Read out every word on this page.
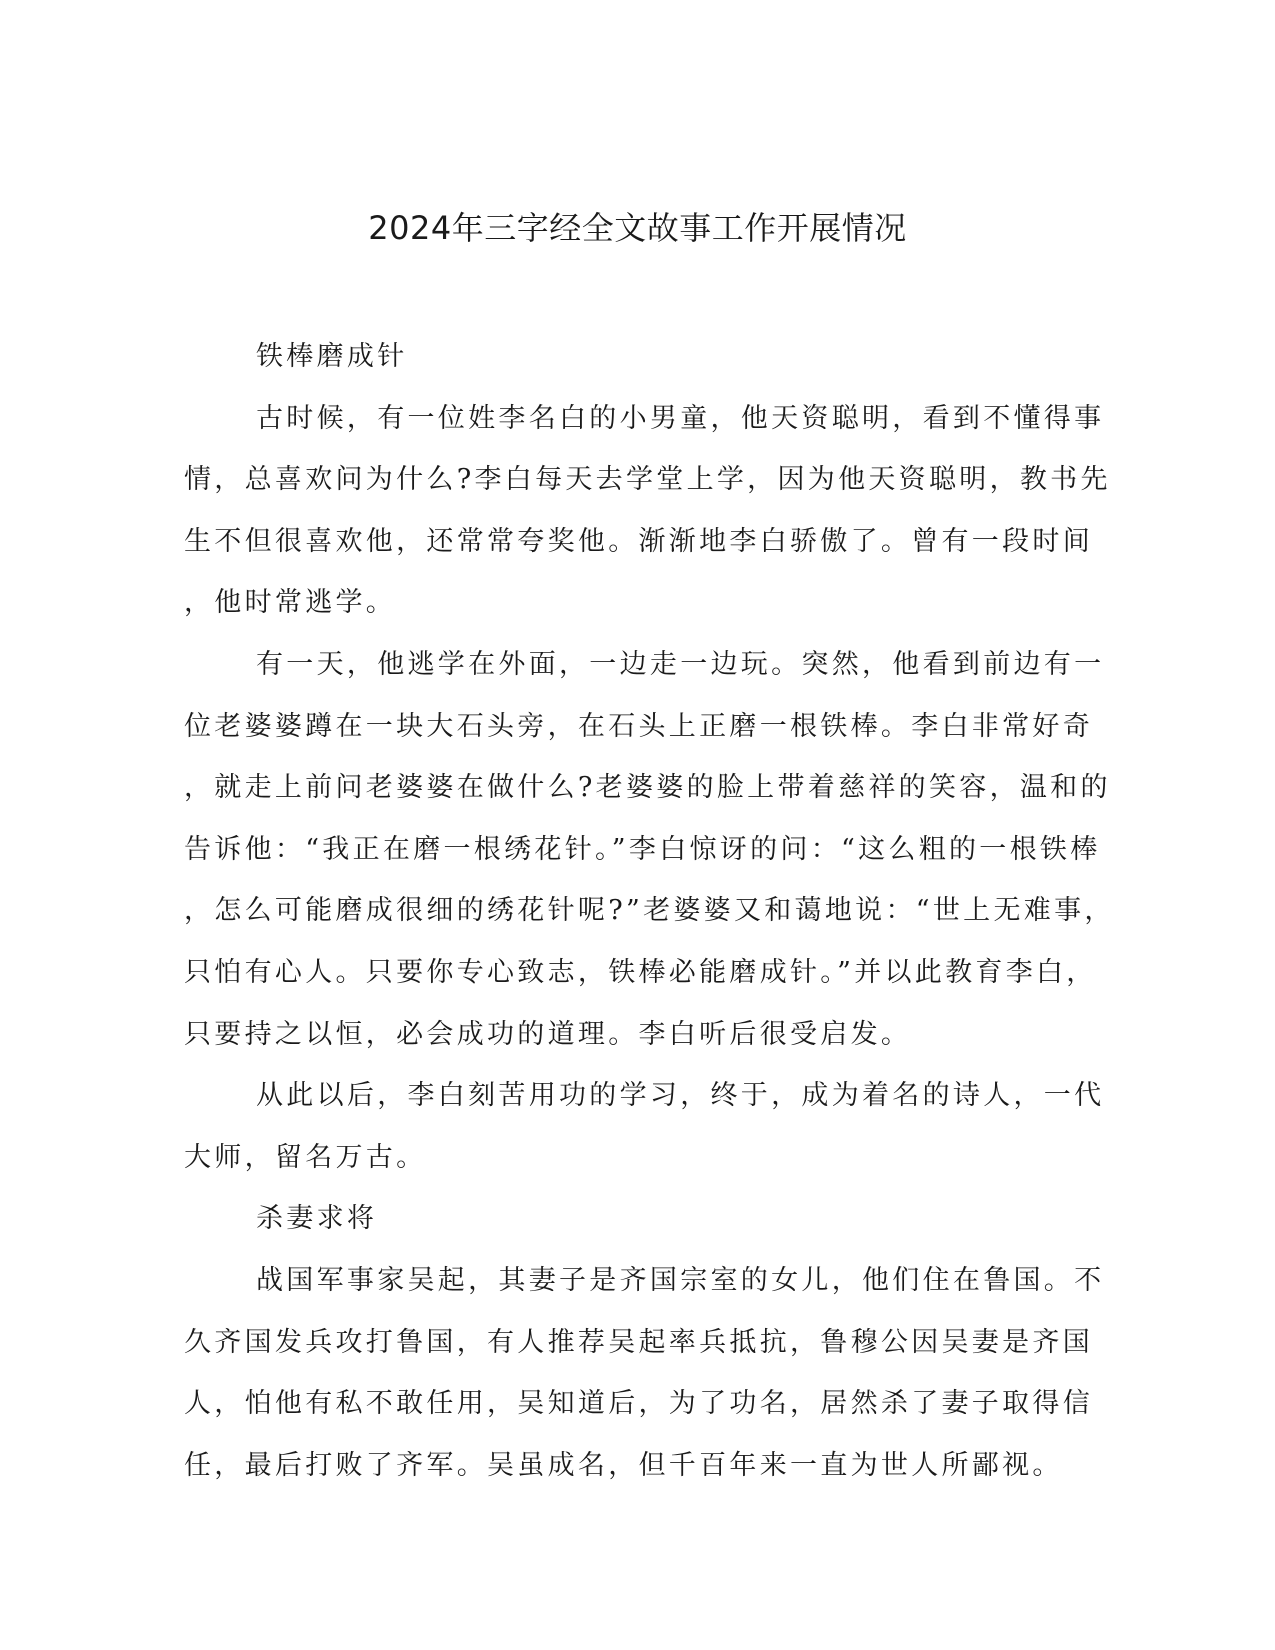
2024年三字经全文故事工作开展情况

铁棒磨成针

古时候，有一位姓李名白的小男童，他天资聪明，看到不懂得事
情，总喜欢问为什么?李白每天去学堂上学，因为他天资聪明，教书先
生不但很喜欢他，还常常夸奖他。渐渐地李白骄傲了。曾有一段时间
，他时常逃学。

有一天，他逃学在外面，一边走一边玩。突然，他看到前边有一
位老婆婆蹲在一块大石头旁，在石头上正磨一根铁棒。李白非常好奇
，就走上前问老婆婆在做什么?老婆婆的脸上带着慈祥的笑容，温和的
告诉他：“我正在磨一根绣花针。”李白惊讶的问：“这么粗的一根铁棒
，怎么可能磨成很细的绣花针呢?”老婆婆又和蔼地说：“世上无难事，
只怕有心人。只要你专心致志，铁棒必能磨成针。”并以此教育李白，
只要持之以恒，必会成功的道理。李白听后很受启发。

从此以后，李白刻苦用功的学习，终于，成为着名的诗人，一代
大师，留名万古。

杀妻求将

战国军事家吴起，其妻子是齐国宗室的女儿，他们住在鲁国。不
久齐国发兵攻打鲁国，有人推荐吴起率兵抵抗，鲁穆公因吴妻是齐国
人，怕他有私不敢任用，吴知道后，为了功名，居然杀了妻子取得信
任，最后打败了齐军。吴虽成名，但千百年来一直为世人所鄙视。
